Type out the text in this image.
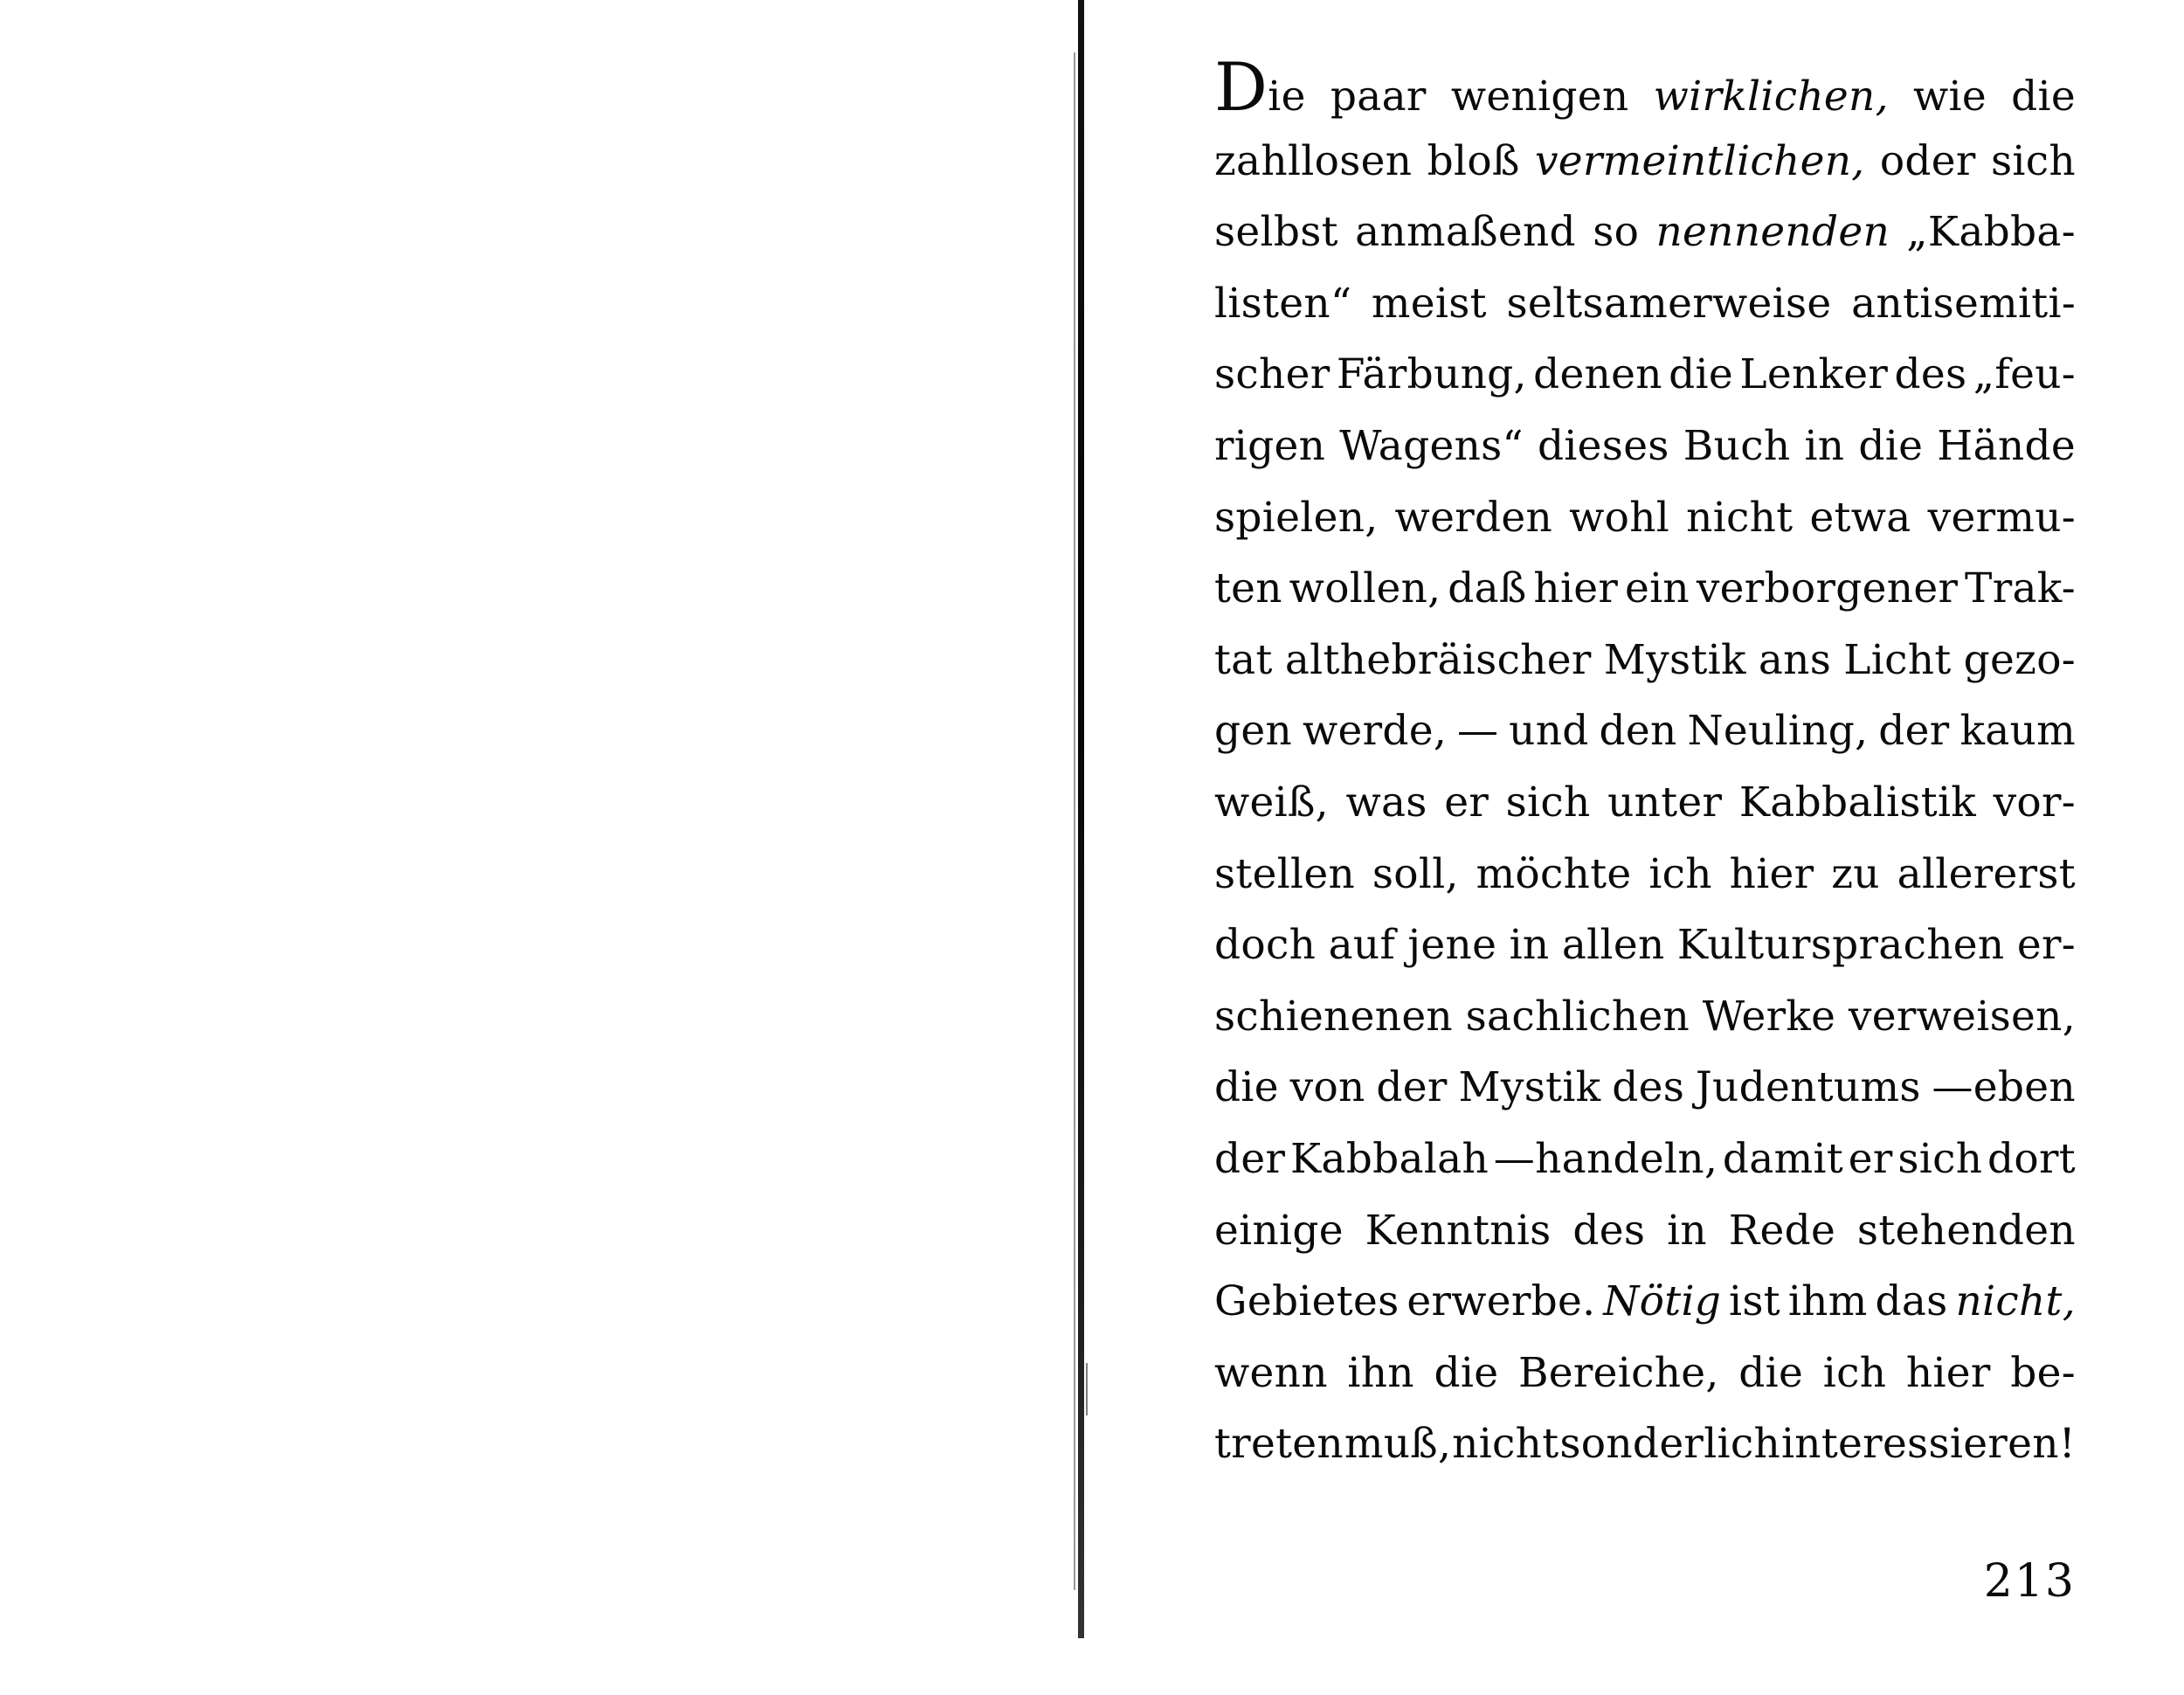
Die paar wenigen wirklichen, wie die
zahllosen bloß vermeintlichen, oder sich
selbst anmaßend so nennenden „Kabba-
listen“ meist seltsamerweise antisemiti-
scher Färbung, denen die Lenker des „feu-
rigen Wagens“ dieses Buch in die Hände
spielen, werden wohl nicht etwa vermu-
ten wollen, daß hier ein verborgener Trak-
tat althebräischer Mystik ans Licht gezo-
gen werde, — und den Neuling, der kaum
weiß, was er sich unter Kabbalistik vor-
stellen soll, möchte ich hier zu allererst
doch auf jene in allen Kultursprachen er-
schienenen sachlichen Werke verweisen,
die von der Mystik des Judentums —eben
der Kabbalah —handeln, damit er sich dort
einige Kenntnis des in Rede stehenden
Gebietes erwerbe. Nötig ist ihm das nicht,
wenn ihn die Bereiche, die ich hier be-
treten muß, nicht sonderlich interessieren!
213
